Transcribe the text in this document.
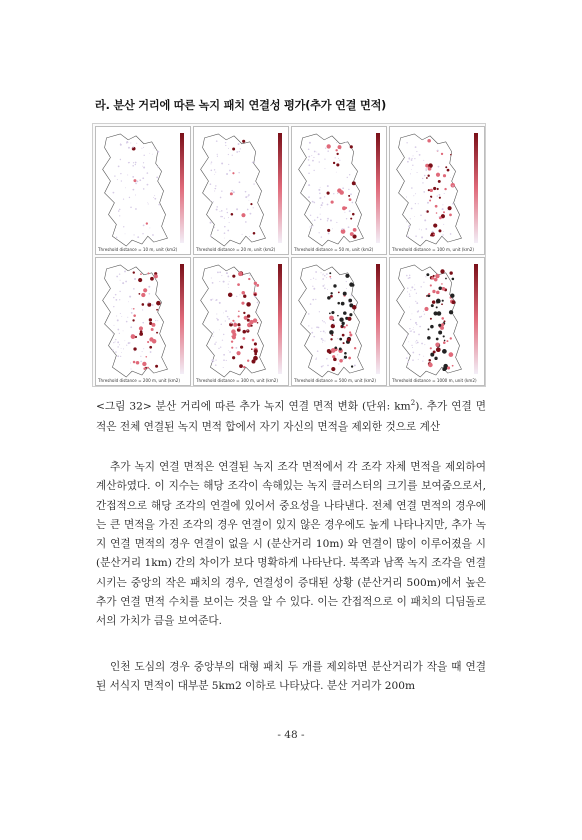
라. 분산 거리에 따른 녹지 패치 연결성 평가(추가 연결 면적)
Threshold distance = 10 m, unit (km2)	Threshold distance = 20 m, unit (km2)	Threshold distance = 50 m, unit (km2)	Threshold distance = 100 m, unit (km2)
Threshold distance = 200 m, unit (km2)	Threshold distance = 300 m, unit (km2)	Threshold distance = 500 m, unit (km2)	Threshold distance = 1000 m, unit (km2)
<그림 32> 분산 거리에 따른 추가 녹지 연결 면적 변화 (단위: $km^2$). 추가 연결 면적은 전체 연결된 녹지 면적 합에서 자기 자신의 면적을 제외한 것으로 계산
추가 녹지 연결 면적은 연결된 녹지 조각 면적에서 각 조각 자체 면적을 제외하여 계산하였다. 이 지수는 해당 조각이 속해있는 녹지 클러스터의 크기를 보여줌으로서, 간접적으로 해당 조각의 연결에 있어서 중요성을 나타낸다. 전체 연결 면적의 경우에는 큰 면적을 가진 조각의 경우 연결이 있지 않은 경우에도 높게 나타나지만, 추가 녹지 연결 면적의 경우 연결이 없을 시 (분산거리 10m) 와 연결이 많이 이루어졌을 시 (분산거리 1km) 간의 차이가 보다 명확하게 나타난다. 북쪽과 남쪽 녹지 조각을 연결시키는 중앙의 작은 패치의 경우, 연결성이 증대된 상황 (분산거리 500m)에서 높은 추가 연결 면적 수치를 보이는 것을 알 수 있다. 이는 간접적으로 이 패치의 디딤돌로서의 가치가 큼을 보여준다.
인천 도심의 경우 중앙부의 대형 패치 두 개를 제외하면 분산거리가 작을 때 연결된 서식지 면적이 대부분 5km2 이하로 나타났다. 분산 거리가 200m
- 48 -
